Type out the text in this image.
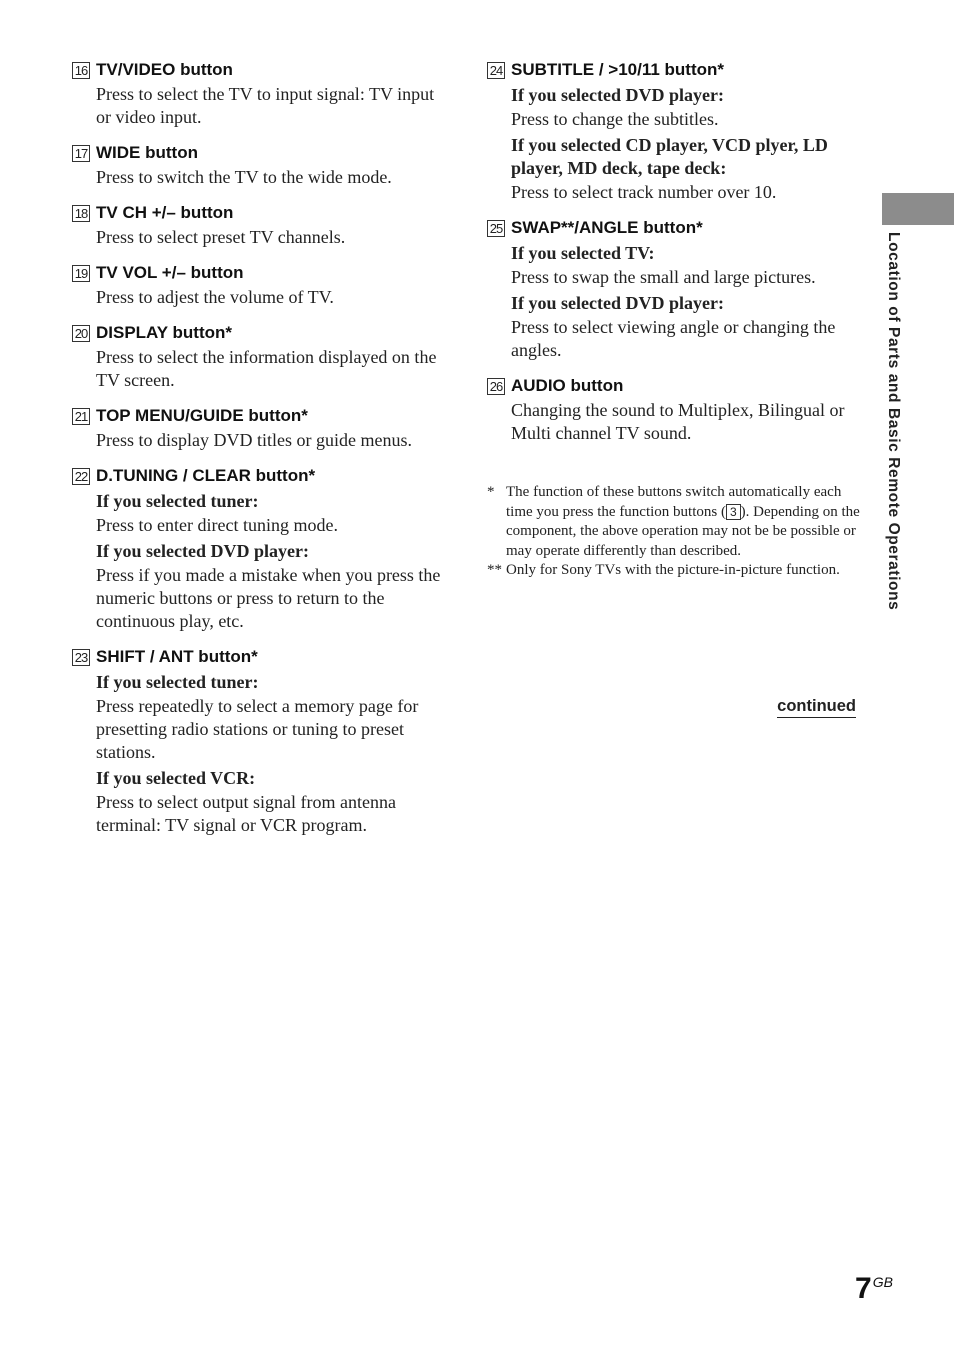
16 TV/VIDEO button
Press to select the TV to input signal: TV input or video input.
17 WIDE button
Press to switch the TV to the wide mode.
18 TV CH +/– button
Press to select preset TV channels.
19 TV VOL +/– button
Press to adjest the volume of TV.
20 DISPLAY button*
Press to select the information displayed on the TV screen.
21 TOP MENU/GUIDE button*
Press to display DVD titles or guide menus.
22 D.TUNING / CLEAR button*
If you selected tuner:
Press to enter direct tuning mode.
If you selected DVD player:
Press if you made a mistake when you press the numeric buttons or press to return to the continuous play, etc.
23 SHIFT / ANT button*
If you selected tuner:
Press repeatedly to select a memory page for presetting radio stations or tuning to preset stations.
If you selected VCR:
Press to select output signal from antenna terminal: TV signal or VCR program.
24 SUBTITLE / >10/11 button*
If you selected DVD player:
Press to change the subtitles.
If you selected CD player, VCD plyer, LD player, MD deck, tape deck:
Press to select track number over 10.
25 SWAP**/ANGLE button*
If you selected TV:
Press to swap the small and large pictures.
If you selected DVD player:
Press to select viewing angle or changing the angles.
26 AUDIO button
Changing the sound to Multiplex, Bilingual or Multi channel TV sound.
* The function of these buttons switch automatically each time you press the function buttons ( 3 ). Depending on the component, the above operation may not be be possible or may operate differently than described.
** Only for Sony TVs with the picture-in-picture function.
continued
Location of Parts and Basic Remote Operations
$7^{GB}$
